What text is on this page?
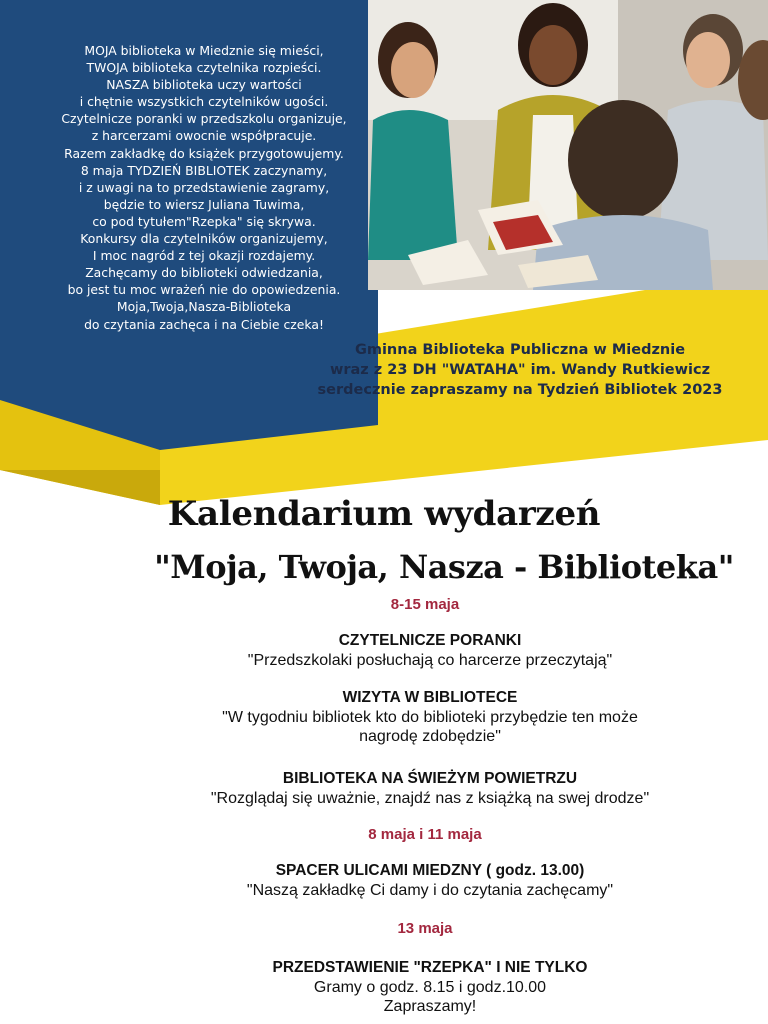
MOJA biblioteka w Miedznie się mieści,
TWOJA biblioteka czytelnika rozpieści.
NASZA biblioteka uczy wartości
i chętnie wszystkich czytelników ugości.
Czytelnicze poranki w przedszkolu organizuje,
z harcerzami owocnie współpracuje.
Razem zakładkę do książek przygotowujemy.
8 maja TYDZIEŃ BIBLIOTEK zaczynamy,
i z uwagi na to przedstawienie zagramy,
będzie to wiersz Juliana Tuwima,
co pod tytułem"Rzepka" się skrywa.
Konkursy dla czytelników organizujemy,
I moc nagród z tej okazji rozdajemy.
Zachęcamy do biblioteki odwiedzania,
bo jest tu moc wrażeń nie do opowiedzenia.
Moja,Twoja,Nasza-Biblioteka
do czytania zachęca i na Ciebie czeka!
Gminna Biblioteka Publiczna w Miedznie
wraz z 23 DH "WATAHA" im. Wandy Rutkiewicz
serdecznie zapraszamy na Tydzień Bibliotek 2023
Kalendarium wydarzeń
"Moja, Twoja, Nasza - Biblioteka"
8-15 maja
CZYTELNICZE PORANKI
"Przedszkolaki posłuchają co harcerze przeczytają"
WIZYTA W BIBLIOTECE
"W tygodniu bibliotek kto do biblioteki przybędzie ten może
nagrodę zdobędzie"
BIBLIOTEKA NA ŚWIEŻYM POWIETRZU
"Rozglądaj się uważnie, znajdź nas z książką na swej drodze"
8 maja i 11 maja
SPACER ULICAMI MIEDZNY ( godz. 13.00)
"Naszą zakładkę Ci damy i do czytania zachęcamy"
13 maja
PRZEDSTAWIENIE "RZEPKA" I NIE TYLKO
Gramy o godz. 8.15 i godz.10.00
Zapraszamy!
